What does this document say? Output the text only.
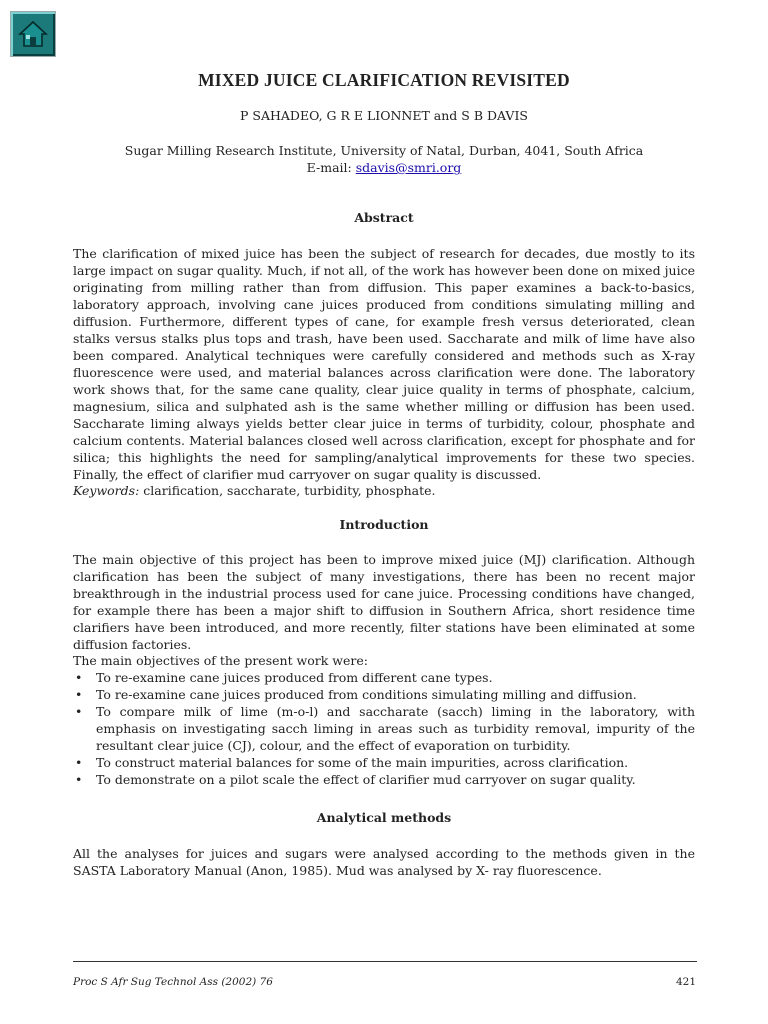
MIXED JUICE CLARIFICATION REVISITED
P SAHADEO, G R E LIONNET and S B DAVIS
Sugar Milling Research Institute, University of Natal, Durban, 4041, South Africa
E-mail: sdavis@smri.org
Abstract

The clarification of mixed juice has been the subject of research for decades, due mostly to its large impact on sugar quality. Much, if not all, of the work has however been done on mixed juice originating from milling rather than from diffusion. This paper examines a back-to-basics, laboratory approach, involving cane juices produced from conditions simulating milling and diffusion. Furthermore, different types of cane, for example fresh versus deteriorated, clean stalks versus stalks plus tops and trash, have been used. Saccharate and milk of lime have also been compared. Analytical techniques were carefully considered and methods such as X-ray fluorescence were used, and material balances across clarification were done. The laboratory work shows that, for the same cane quality, clear juice quality in terms of phosphate, calcium, magnesium, silica and sulphated ash is the same whether milling or diffusion has been used. Saccharate liming always yields better clear juice in terms of turbidity, colour, phosphate and calcium contents. Material balances closed well across clarification, except for phosphate and for silica; this highlights the need for sampling/analytical improvements for these two species. Finally, the effect of clarifier mud carryover on sugar quality is discussed.

Keywords: clarification, saccharate, turbidity, phosphate.
Introduction

The main objective of this project has been to improve mixed juice (MJ) clarification. Although clarification has been the subject of many investigations, there has been no recent major breakthrough in the industrial process used for cane juice. Processing conditions have changed, for example there has been a major shift to diffusion in Southern Africa, short residence time clarifiers have been introduced, and more recently, filter stations have been eliminated at some diffusion factories.

The main objectives of the present work were:

• To re-examine cane juices produced from different cane types.
• To re-examine cane juices produced from conditions simulating milling and diffusion.
• To compare milk of lime (m-o-l) and saccharate (sacch) liming in the laboratory, with emphasis on investigating sacch liming in areas such as turbidity removal, impurity of the resultant clear juice (CJ), colour, and the effect of evaporation on turbidity.
• To construct material balances for some of the main impurities, across clarification.
• To demonstrate on a pilot scale the effect of clarifier mud carryover on sugar quality.
Analytical methods

All the analyses for juices and sugars were analysed according to the methods given in the SASTA Laboratory Manual (Anon, 1985). Mud was analysed by X- ray fluorescence.

Proc S Afr Sug Technol Ass (2002) 76	421
